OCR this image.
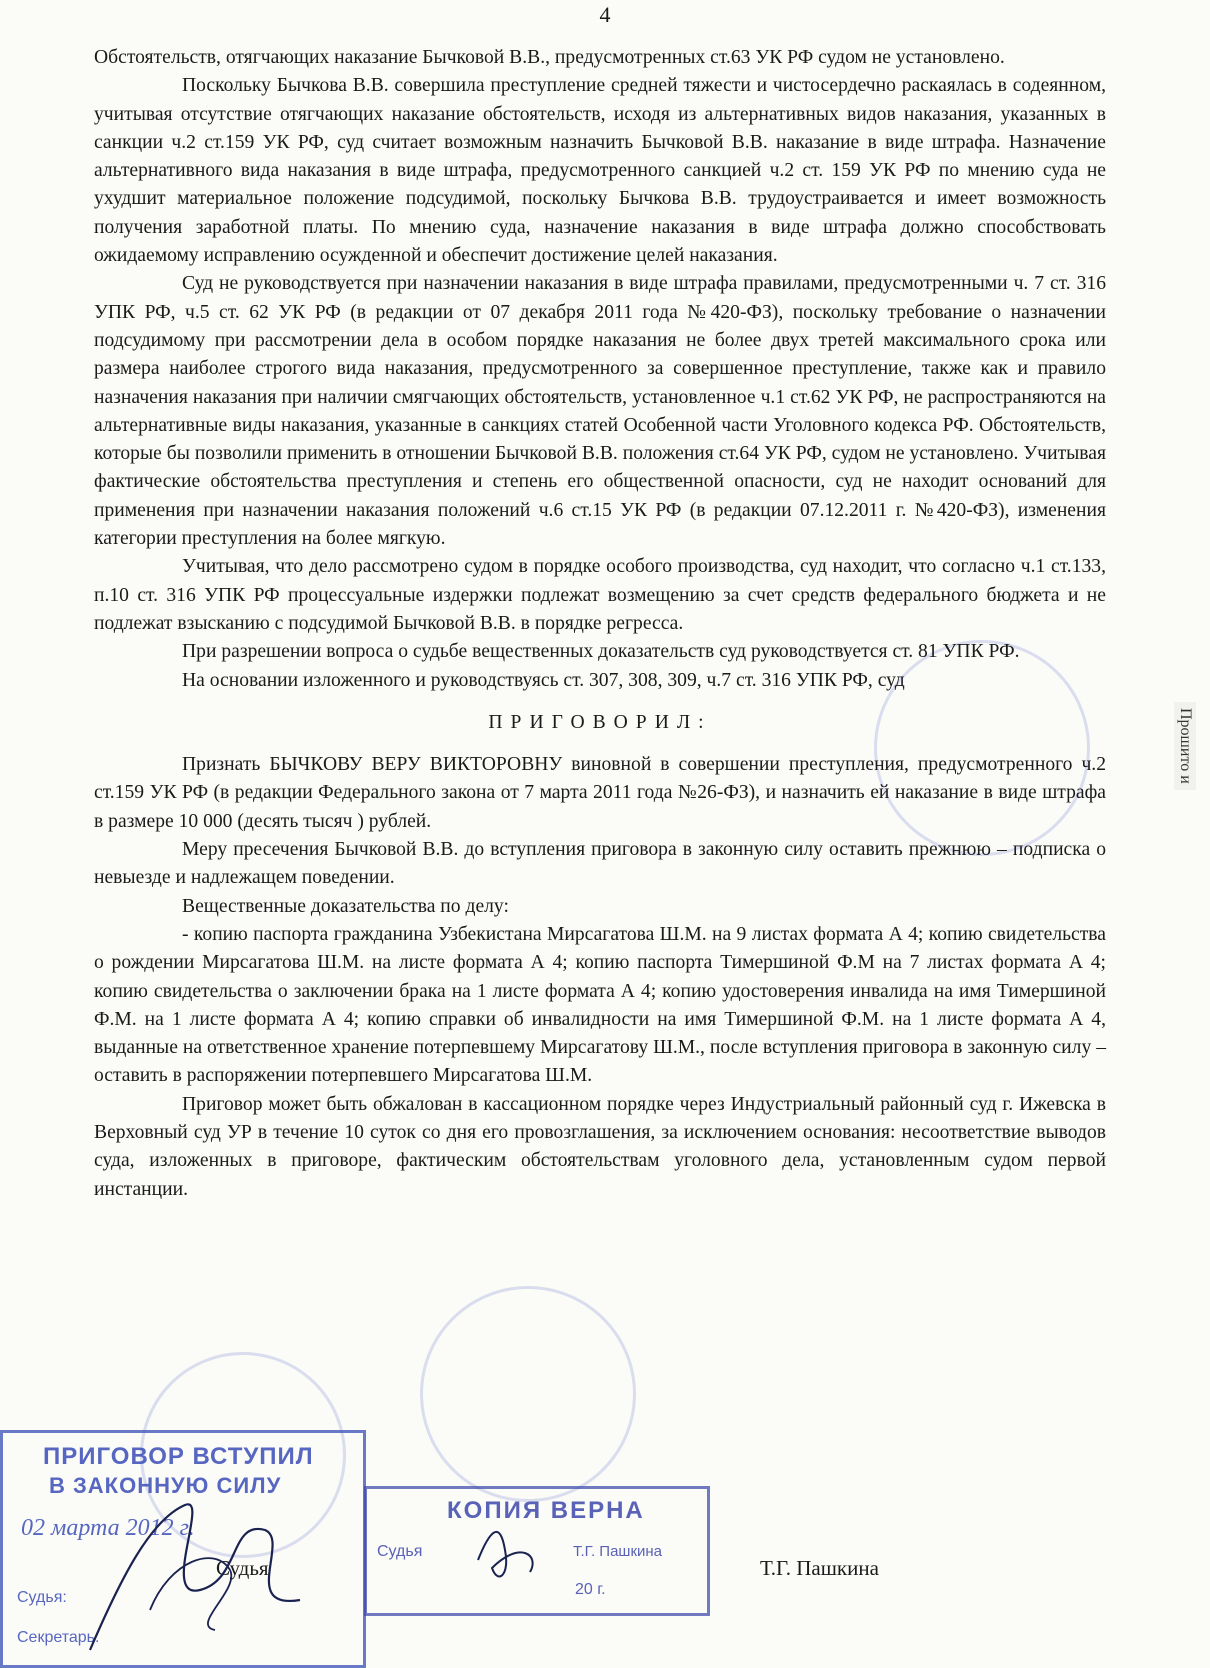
4

Обстоятельств, отягчающих наказание Бычковой В.В., предусмотренных ст.63 УК РФ судом не установлено.

Поскольку Бычкова В.В. совершила преступление средней тяжести и чистосердечно раскаялась в содеянном, учитывая отсутствие отягчающих наказание обстоятельств, исходя из альтернативных видов наказания, указанных в санкции ч.2 ст.159 УК РФ, суд считает возможным назначить Бычковой В.В. наказание в виде штрафа. Назначение альтернативного вида наказания в виде штрафа, предусмотренного санкцией ч.2 ст. 159 УК РФ по мнению суда не ухудшит материальное положение подсудимой, поскольку Бычкова В.В. трудоустраивается и имеет возможность получения заработной платы. По мнению суда, назначение наказания в виде штрафа должно способствовать ожидаемому исправлению осужденной и обеспечит достижение целей наказания.

Суд не руководствуется при назначении наказания в виде штрафа правилами, предусмотренными ч. 7 ст. 316 УПК РФ, ч.5 ст. 62 УК РФ (в редакции от 07 декабря 2011 года №420-ФЗ), поскольку требование о назначении подсудимому при рассмотрении дела в особом порядке наказания не более двух третей максимального срока или размера наиболее строгого вида наказания, предусмотренного за совершенное преступление, также как и правило назначения наказания при наличии смягчающих обстоятельств, установленное ч.1 ст.62 УК РФ, не распространяются на альтернативные виды наказания, указанные в санкциях статей Особенной части Уголовного кодекса РФ. Обстоятельств, которые бы позволили применить в отношении Бычковой В.В. положения ст.64 УК РФ, судом не установлено. Учитывая фактические обстоятельства преступления и степень его общественной опасности, суд не находит оснований для применения при назначении наказания положений ч.6 ст.15 УК РФ (в редакции 07.12.2011 г. №420-ФЗ), изменения категории преступления на более мягкую.

Учитывая, что дело рассмотрено судом в порядке особого производства, суд находит, что согласно ч.1 ст.133, п.10 ст. 316 УПК РФ процессуальные издержки подлежат возмещению за счет средств федерального бюджета и не подлежат взысканию с подсудимой Бычковой В.В. в порядке регресса.

При разрешении вопроса о судьбе вещественных доказательств суд руководствуется ст. 81 УПК РФ.

На основании изложенного и руководствуясь ст. 307, 308, 309, ч.7 ст. 316 УПК РФ, суд

ПРИГОВОРИЛ:

Признать БЫЧКОВУ ВЕРУ ВИКТОРОВНУ виновной в совершении преступления, предусмотренного ч.2 ст.159 УК РФ (в редакции Федерального закона от 7 марта 2011 года №26-ФЗ), и назначить ей наказание в виде штрафа в размере 10 000 (десять тысяч ) рублей.

Меру пресечения Бычковой В.В. до вступления приговора в законную силу оставить прежнюю – подписка о невыезде и надлежащем поведении.

Вещественные доказательства по делу:

- копию паспорта гражданина Узбекистана Мирсагатова Ш.М. на 9 листах формата А 4; копию свидетельства о рождении Мирсагатова Ш.М. на листе формата А 4; копию паспорта Тимершиной Ф.М на 7 листах формата А 4; копию свидетельства о заключении брака на 1 листе формата А 4; копию удостоверения инвалида на имя Тимершиной Ф.М. на 1 листе формата А 4; копию справки об инвалидности на имя Тимершиной Ф.М. на 1 листе формата А 4, выданные на ответственное хранение потерпевшему Мирсагатову Ш.М., после вступления приговора в законную силу – оставить в распоряжении потерпевшего Мирсагатова Ш.М.

Приговор может быть обжалован в кассационном порядке через Индустриальный районный суд г. Ижевска в Верховный суд УР в течение 10 суток со дня его провозглашения, за исключением основания: несоответствие выводов суда, изложенных в приговоре, фактическим обстоятельствам уголовного дела, установленным судом первой инстанции.

Судья	Т.Г. Пашкина
ПРИГОВОР ВСТУПИЛ
В ЗАКОННУЮ СИЛУ
02 марта 2012 г.
Судья:
Секретарь:
КОПИЯ ВЕРНА
Судья	Т.Г. Пашкина
20 г.
Прошито и
